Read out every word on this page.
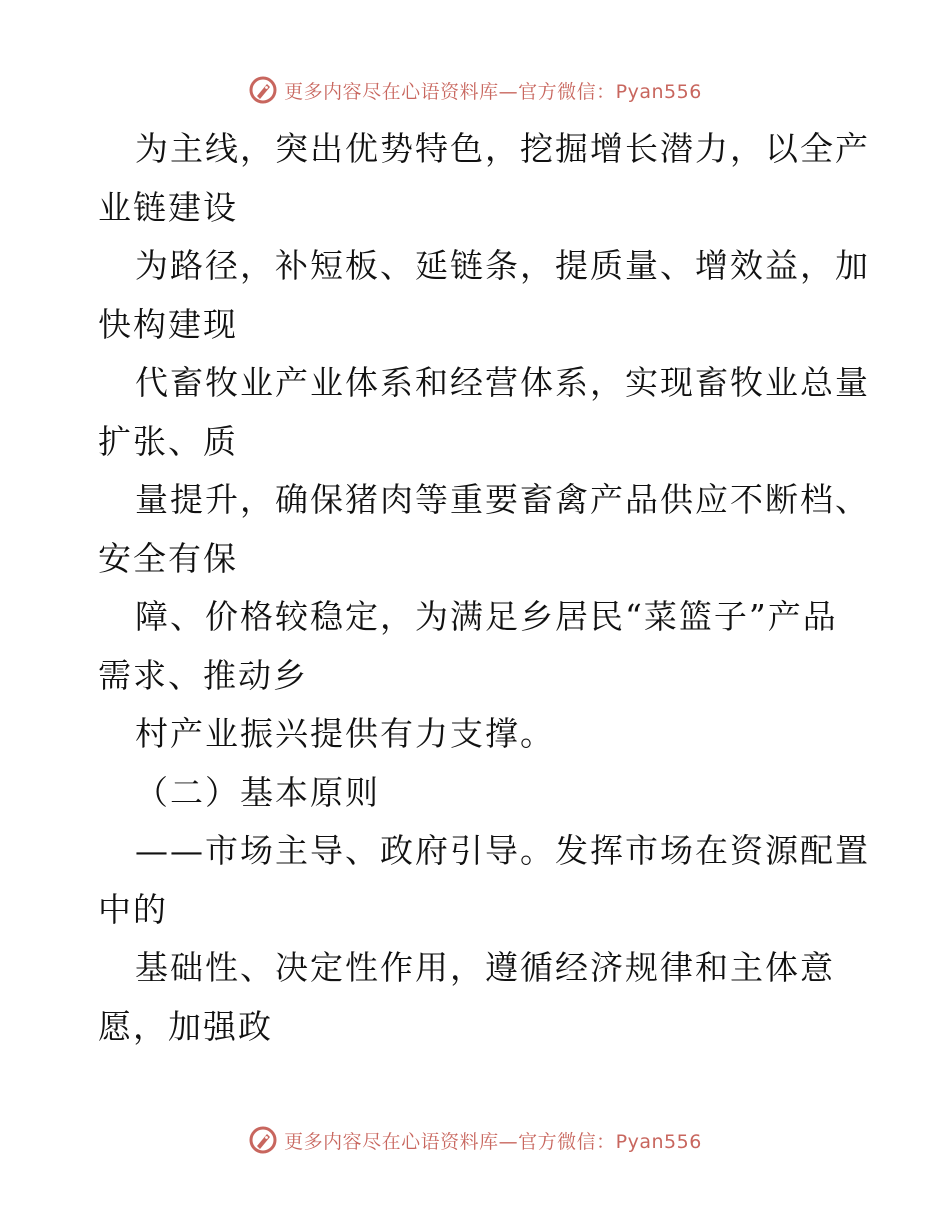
更多内容尽在心语资料库—官方微信：Pyan556
为主线，突出优势特色，挖掘增长潜力，以全产
业链建设
为路径，补短板、延链条，提质量、增效益，加
快构建现
代畜牧业产业体系和经营体系，实现畜牧业总量
扩张、质
量提升，确保猪肉等重要畜禽产品供应不断档、
安全有保
障、价格较稳定，为满足乡居民“菜篮子”产品
需求、推动乡
村产业振兴提供有力支撑。
（二）基本原则
——市场主导、政府引导。发挥市场在资源配置
中的
基础性、决定性作用，遵循经济规律和主体意
愿，加强政
更多内容尽在心语资料库—官方微信：Pyan556
